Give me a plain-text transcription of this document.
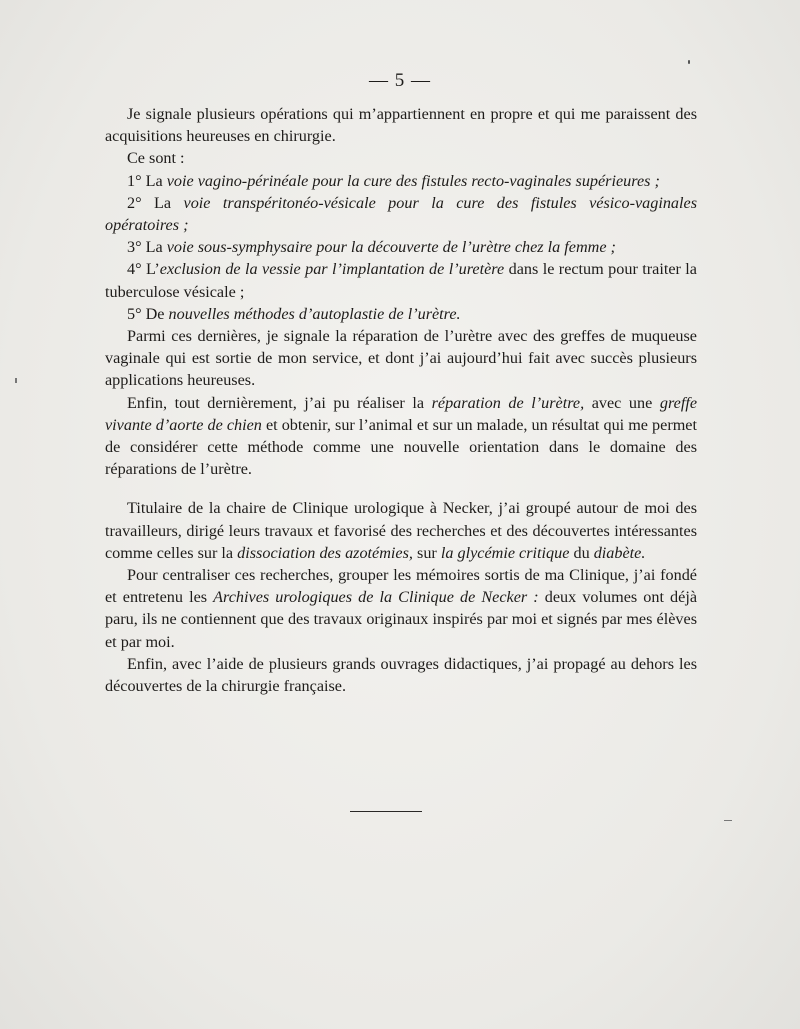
— 5 —

Je signale plusieurs opérations qui m’appartiennent en propre et qui me paraissent des acquisitions heureuses en chirurgie.

Ce sont :

1° La voie vagino-périnéale pour la cure des fistules recto-vaginales supérieures ;

2° La voie transpéritonéo-vésicale pour la cure des fistules vésico-vaginales opératoires ;

3° La voie sous-symphysaire pour la découverte de l’urètre chez la femme ;

4° L’exclusion de la vessie par l’implantation de l’uretère dans le rectum pour traiter la tuberculose vésicale ;

5° De nouvelles méthodes d’autoplastie de l’urètre.

Parmi ces dernières, je signale la réparation de l’urètre avec des greffes de muqueuse vaginale qui est sortie de mon service, et dont j’ai aujourd’hui fait avec succès plusieurs applications heureuses.

Enfin, tout dernièrement, j’ai pu réaliser la réparation de l’urètre, avec une greffe vivante d’aorte de chien et obtenir, sur l’animal et sur un malade, un résultat qui me permet de considérer cette méthode comme une nouvelle orientation dans le domaine des réparations de l’urètre.

Titulaire de la chaire de Clinique urologique à Necker, j’ai groupé autour de moi des travailleurs, dirigé leurs travaux et favorisé des recherches et des découvertes intéressantes comme celles sur la dissociation des azotémies, sur la glycémie critique du diabète.

Pour centraliser ces recherches, grouper les mémoires sortis de ma Clinique, j’ai fondé et entretenu les Archives urologiques de la Clinique de Necker : deux volumes ont déjà paru, ils ne contiennent que des travaux originaux inspirés par moi et signés par mes élèves et par moi.

Enfin, avec l’aide de plusieurs grands ouvrages didactiques, j’ai propagé au dehors les découvertes de la chirurgie française.
